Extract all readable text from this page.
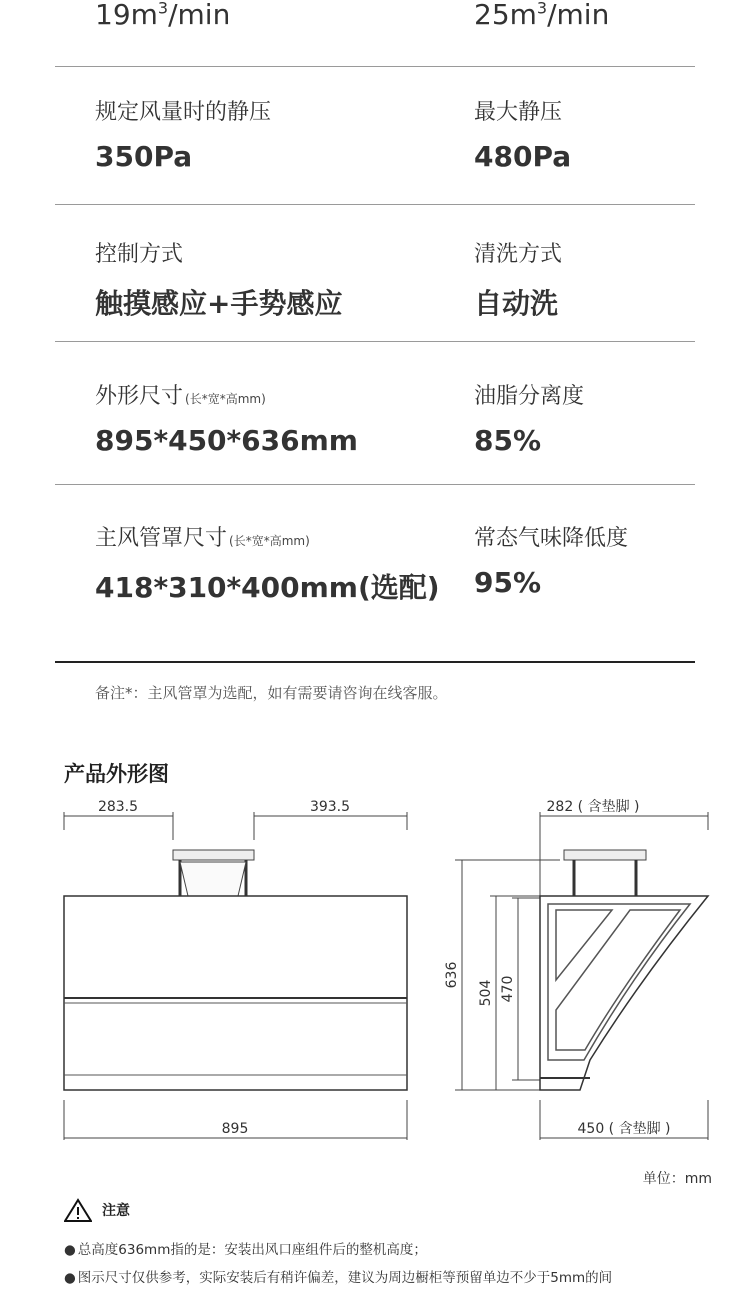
$19m^3/\min$	$25m^3/\min$
规定风量时的静压
350Pa
最大静压
480Pa
控制方式
触摸感应+手势感应
清洗方式
自动洗
外形尺寸 (长*宽*高mm)
895*450*636mm
油脂分离度
85%
主风管罩尺寸 (长*宽*高mm)
418*310*400mm(选配)
常态气味降低度
95%
备注*：主风管罩为选配，如有需要请咨询在线客服。
产品外形图
283.5	393.5
895
282 ( 含垫脚 )
636
504 470
450 ( 含垫脚 )
单位：mm
注意
● 总高度636mm指的是：安装出风口座组件后的整机高度；
● 图示尺寸仅供参考，实际安装后有稍许偏差，建议为周边橱柜等预留单边不少于5mm的间
